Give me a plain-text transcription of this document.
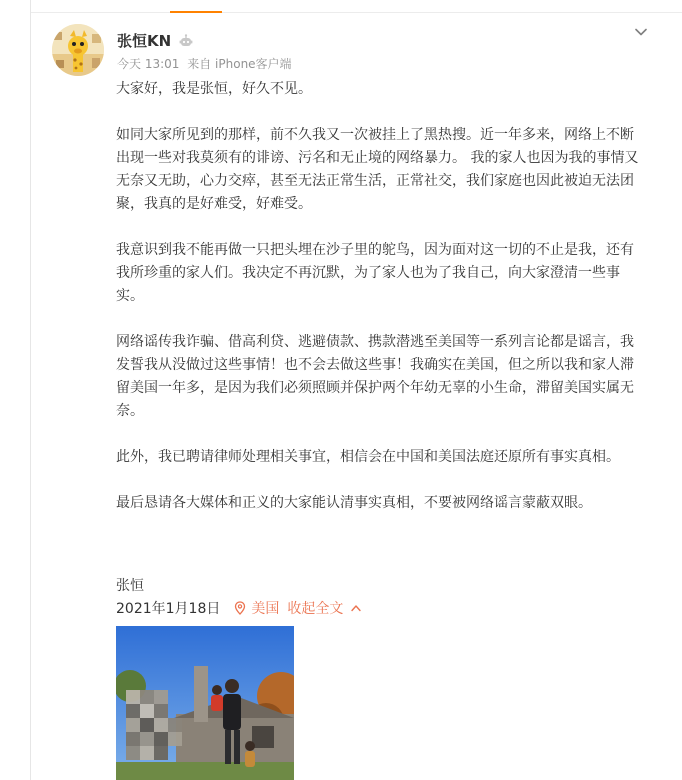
张恒KN
今天 13:01 来自 iPhone客户端

大家好，我是张恒，好久不见。

如同大家所见到的那样，前不久我又一次被挂上了黑热搜。近一年多来，网络上不断出现一些对我莫须有的诽谤、污名和无止境的网络暴力。 我的家人也因为我的事情又无奈又无助，心力交瘁，甚至无法正常生活，正常社交，我们家庭也因此被迫无法团聚，我真的是好难受，好难受。

我意识到我不能再做一只把头埋在沙子里的鸵鸟，因为面对这一切的不止是我，还有我所珍重的家人们。我决定不再沉默，为了家人也为了我自己，向大家澄清一些事实。

网络谣传我诈骗、借高利贷、逃避债款、携款潜逃至美国等一系列言论都是谣言，我发誓我从没做过这些事情！也不会去做这些事！我确实在美国，但之所以我和家人滞留美国一年多，是因为我们必须照顾并保护两个年幼无辜的小生命，滞留美国实属无奈。

此外，我已聘请律师处理相关事宜，相信会在中国和美国法庭还原所有事实真相。

最后恳请各大媒体和正义的大家能认清事实真相，不要被网络谣言蒙蔽双眼。

张恒
2021年1月18日 美国 收起全文
